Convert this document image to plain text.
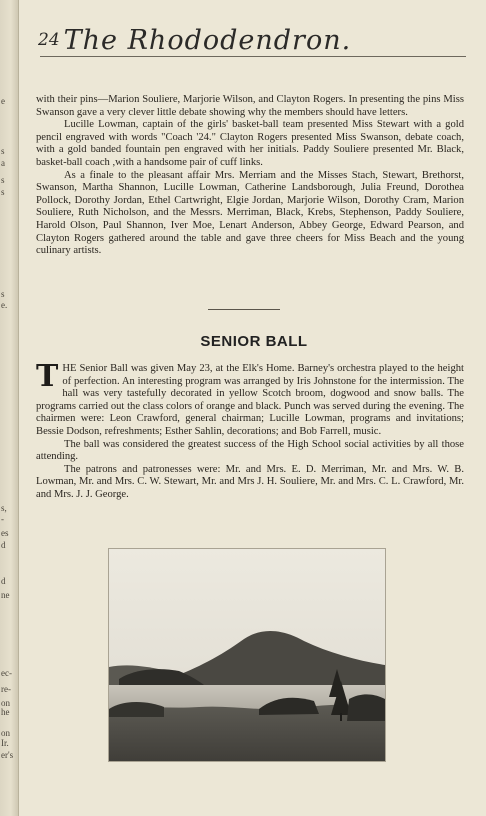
e
s
a
s
s
s
e.
s,
-
es
d
d
ne
ec-
re-
on
he
on
Ir.
er's
24 The Rhododendron.

with their pins—Marion Souliere, Marjorie Wilson, and Clayton Rogers. In presenting the pins Miss Swanson gave a very clever little debate showing why the members should have letters.

Lucille Lowman, captain of the girls' basket-ball team presented Miss Stewart with a gold pencil engraved with words "Coach '24." Clayton Rogers presented Miss Swanson, debate coach, with a gold banded fountain pen engraved with her initials. Paddy Souliere presented Mr. Black, basket-ball coach ,with a handsome pair of cuff links.

As a finale to the pleasant affair Mrs. Merriam and the Misses Stach, Stewart, Brethorst, Swanson, Martha Shannon, Lucille Lowman, Catherine Landsborough, Julia Freund, Dorothea Pollock, Dorothy Jordan, Ethel Cartwright, Elgie Jordan, Marjorie Wilson, Dorothy Cram, Marion Souliere, Ruth Nicholson, and the Messrs. Merriman, Black, Krebs, Stephenson, Paddy Souliere, Harold Olson, Paul Shannon, Iver Moe, Lenart Anderson, Abbey George, Edward Pearson, and Clayton Rogers gathered around the table and gave three cheers for Miss Beach and the young culinary artists.

SENIOR BALL

THE Senior Ball was given May 23, at the Elk's Home. Barney's orchestra played to the height of perfection. An interesting program was arranged by Iris Johnstone for the intermission. The hall was very tastefully decorated in yellow Scotch broom, dogwood and snow balls. The programs carried out the class colors of orange and black. Punch was served during the evening. The chairmen were: Leon Crawford, general chairman; Lucille Lowman, programs and invitations; Bessie Dodson, refreshments; Esther Sahlin, decorations; and Bob Farrell, music.

The ball was considered the greatest success of the High School social activities by all those attending.

The patrons and patronesses were: Mr. and Mrs. E. D. Merriman, Mr. and Mrs. W. B. Lowman, Mr. and Mrs. C. W. Stewart, Mr. and Mrs J. H. Souliere, Mr. and Mrs. C. L. Crawford, Mr. and Mrs. J. J. George.
